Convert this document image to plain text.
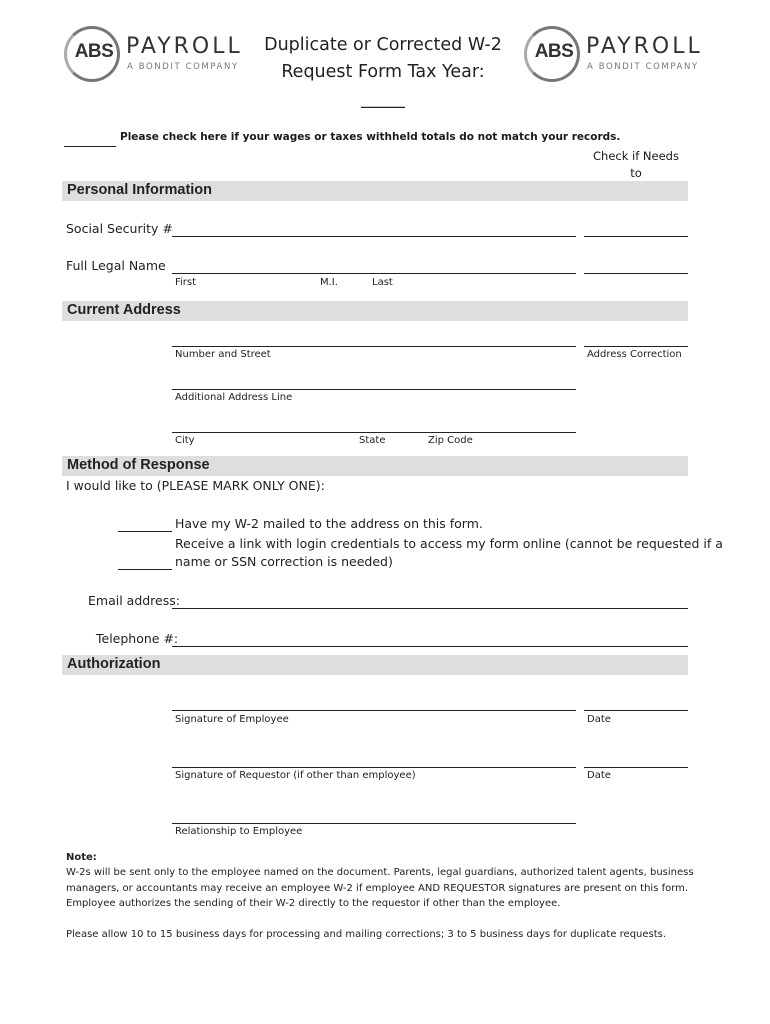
ABS PAYROLL
A BONDIT COMPANY
Duplicate or Corrected W-2
Request Form Tax Year: _____
ABS PAYROLL
A BONDIT COMPANY
Please check here if your wages or taxes withheld totals do not match your records.
Check if Needs to
Personal Information
Social Security #
Full Legal Name
First	M.I.	Last
Current Address
Number and Street	Address Correction
Additional Address Line
City	State	Zip Code
Method of Response
I would like to (PLEASE MARK ONLY ONE):
Have my W-2 mailed to the address on this form.
Receive a link with login credentials to access my form online (cannot be requested if a
name or SSN correction is needed)
Email address:
Telephone #:
Authorization
Signature of Employee	Date
Signature of Requestor (if other than employee)	Date
Relationship to Employee
Note:
W-2s will be sent only to the employee named on the document. Parents, legal guardians, authorized talent agents, business managers, or accountants may receive an employee W-2 if employee AND REQUESTOR signatures are present on this form. Employee authorizes the sending of their W-2 directly to the requestor if other than the employee.
Please allow 10 to 15 business days for processing and mailing corrections; 3 to 5 business days for duplicate requests.
